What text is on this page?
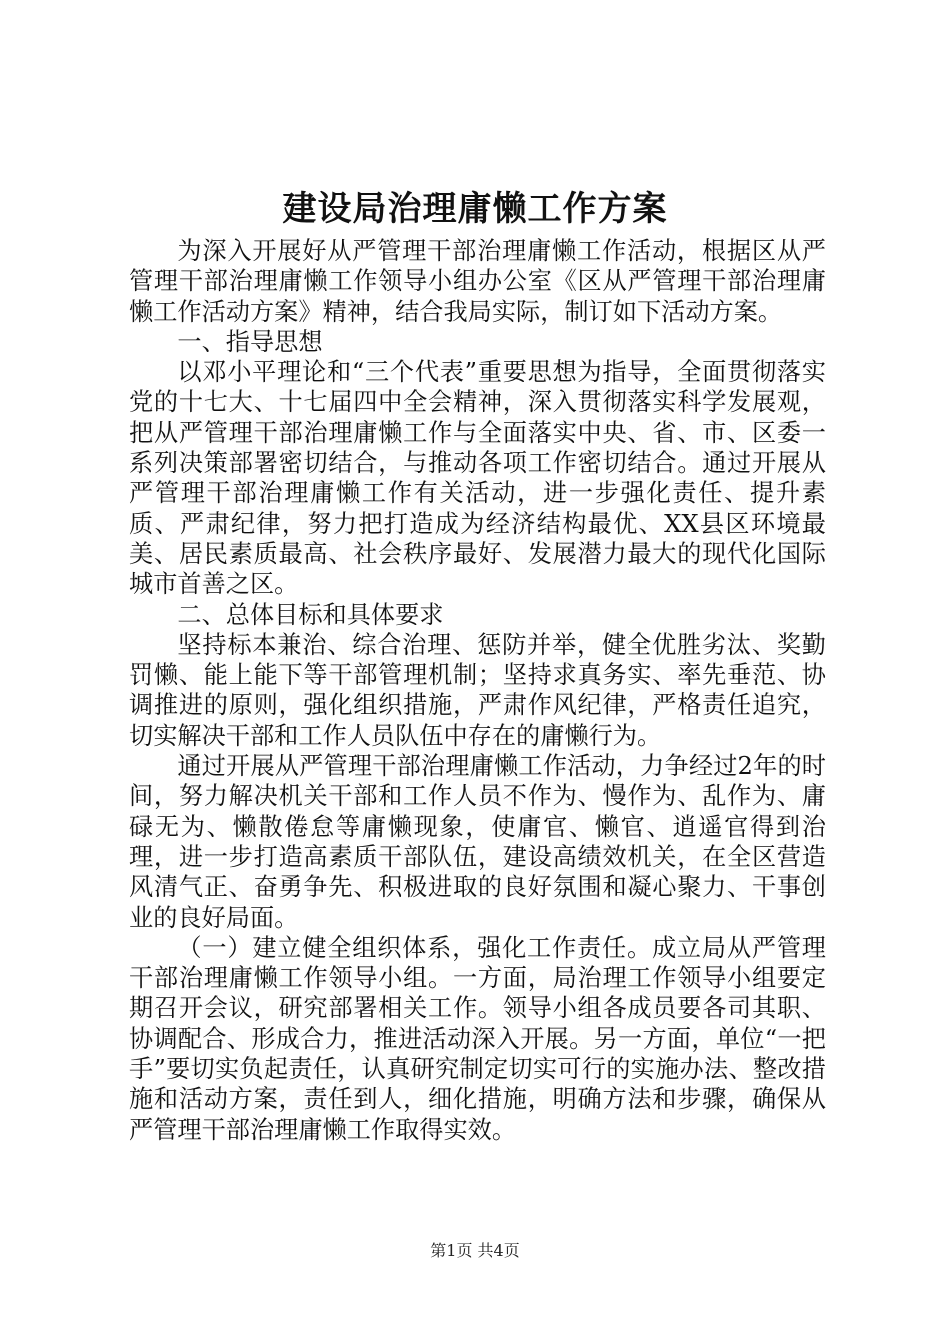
建设局治理庸懒工作方案

为深入开展好从严管理干部治理庸懒工作活动，根据区从严管理干部治理庸懒工作领导小组办公室《区从严管理干部治理庸懒工作活动方案》精神，结合我局实际，制订如下活动方案。

一、指导思想

以邓小平理论和“三个代表”重要思想为指导，全面贯彻落实党的十七大、十七届四中全会精神，深入贯彻落实科学发展观，把从严管理干部治理庸懒工作与全面落实中央、省、市、区委一系列决策部署密切结合，与推动各项工作密切结合。通过开展从严管理干部治理庸懒工作有关活动，进一步强化责任、提升素质、严肃纪律，努力把打造成为经济结构最优、XX县区环境最美、居民素质最高、社会秩序最好、发展潜力最大的现代化国际城市首善之区。

二、总体目标和具体要求

坚持标本兼治、综合治理、惩防并举，健全优胜劣汰、奖勤罚懒、能上能下等干部管理机制；坚持求真务实、率先垂范、协调推进的原则，强化组织措施，严肃作风纪律，严格责任追究，切实解决干部和工作人员队伍中存在的庸懒行为。

通过开展从严管理干部治理庸懒工作活动，力争经过2年的时间，努力解决机关干部和工作人员不作为、慢作为、乱作为、庸碌无为、懒散倦怠等庸懒现象，使庸官、懒官、逍遥官得到治理，进一步打造高素质干部队伍，建设高绩效机关，在全区营造风清气正、奋勇争先、积极进取的良好氛围和凝心聚力、干事创业的良好局面。

（一）建立健全组织体系，强化工作责任。成立局从严管理干部治理庸懒工作领导小组。一方面，局治理工作领导小组要定期召开会议，研究部署相关工作。领导小组各成员要各司其职、协调配合、形成合力，推进活动深入开展。另一方面，单位“一把手”要切实负起责任，认真研究制定切实可行的实施办法、整改措施和活动方案，责任到人，细化措施，明确方法和步骤，确保从严管理干部治理庸懒工作取得实效。

第1页 共4页
